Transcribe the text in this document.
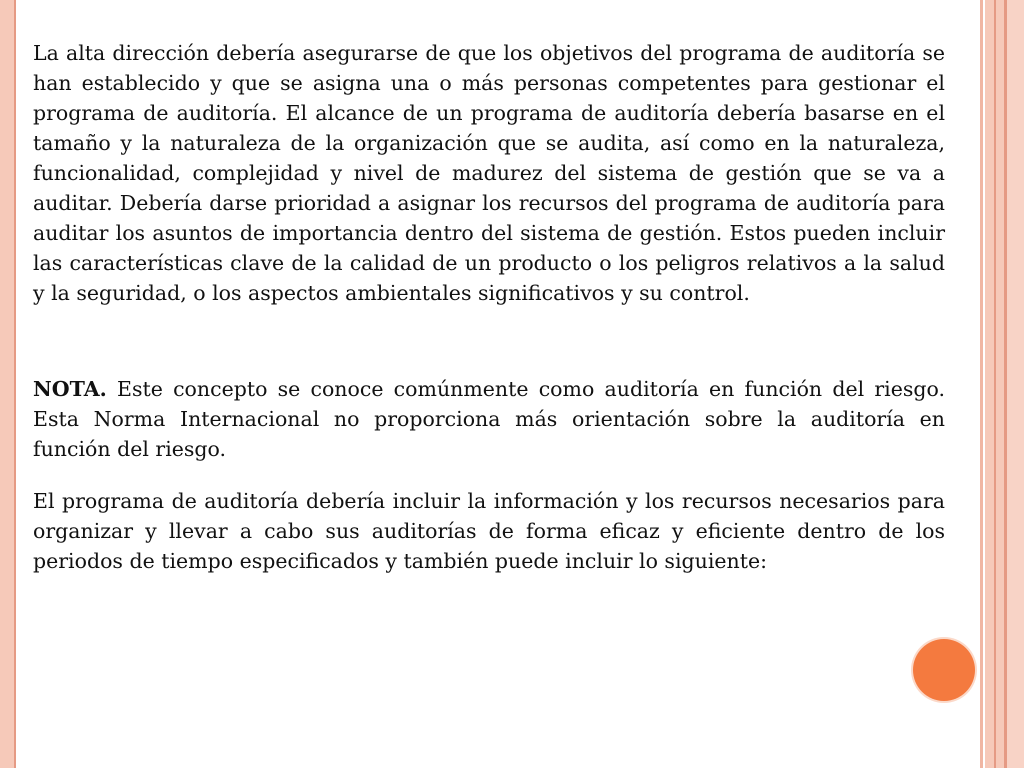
La alta dirección debería asegurarse de que los objetivos del programa de auditoría se han establecido y que se asigna una o más personas competentes para gestionar el programa de auditoría. El alcance de un programa de auditoría debería basarse en el tamaño y la naturaleza de la organización que se audita, así como en la naturaleza, funcionalidad, complejidad y nivel de madurez del sistema de gestión que se va a auditar. Debería darse prioridad a asignar los recursos del programa de auditoría para auditar los asuntos de importancia dentro del sistema de gestión. Estos pueden incluir las características clave de la calidad de un producto o los peligros relativos a la salud y la seguridad, o los aspectos ambientales significativos y su control.

NOTA. Este concepto se conoce comúnmente como auditoría en función del riesgo. Esta Norma Internacional no proporciona más orientación sobre la auditoría en función del riesgo.

El programa de auditoría debería incluir la información y los recursos necesarios para organizar y llevar a cabo sus auditorías de forma eficaz y eficiente dentro de los periodos de tiempo especificados y también puede incluir lo siguiente:
